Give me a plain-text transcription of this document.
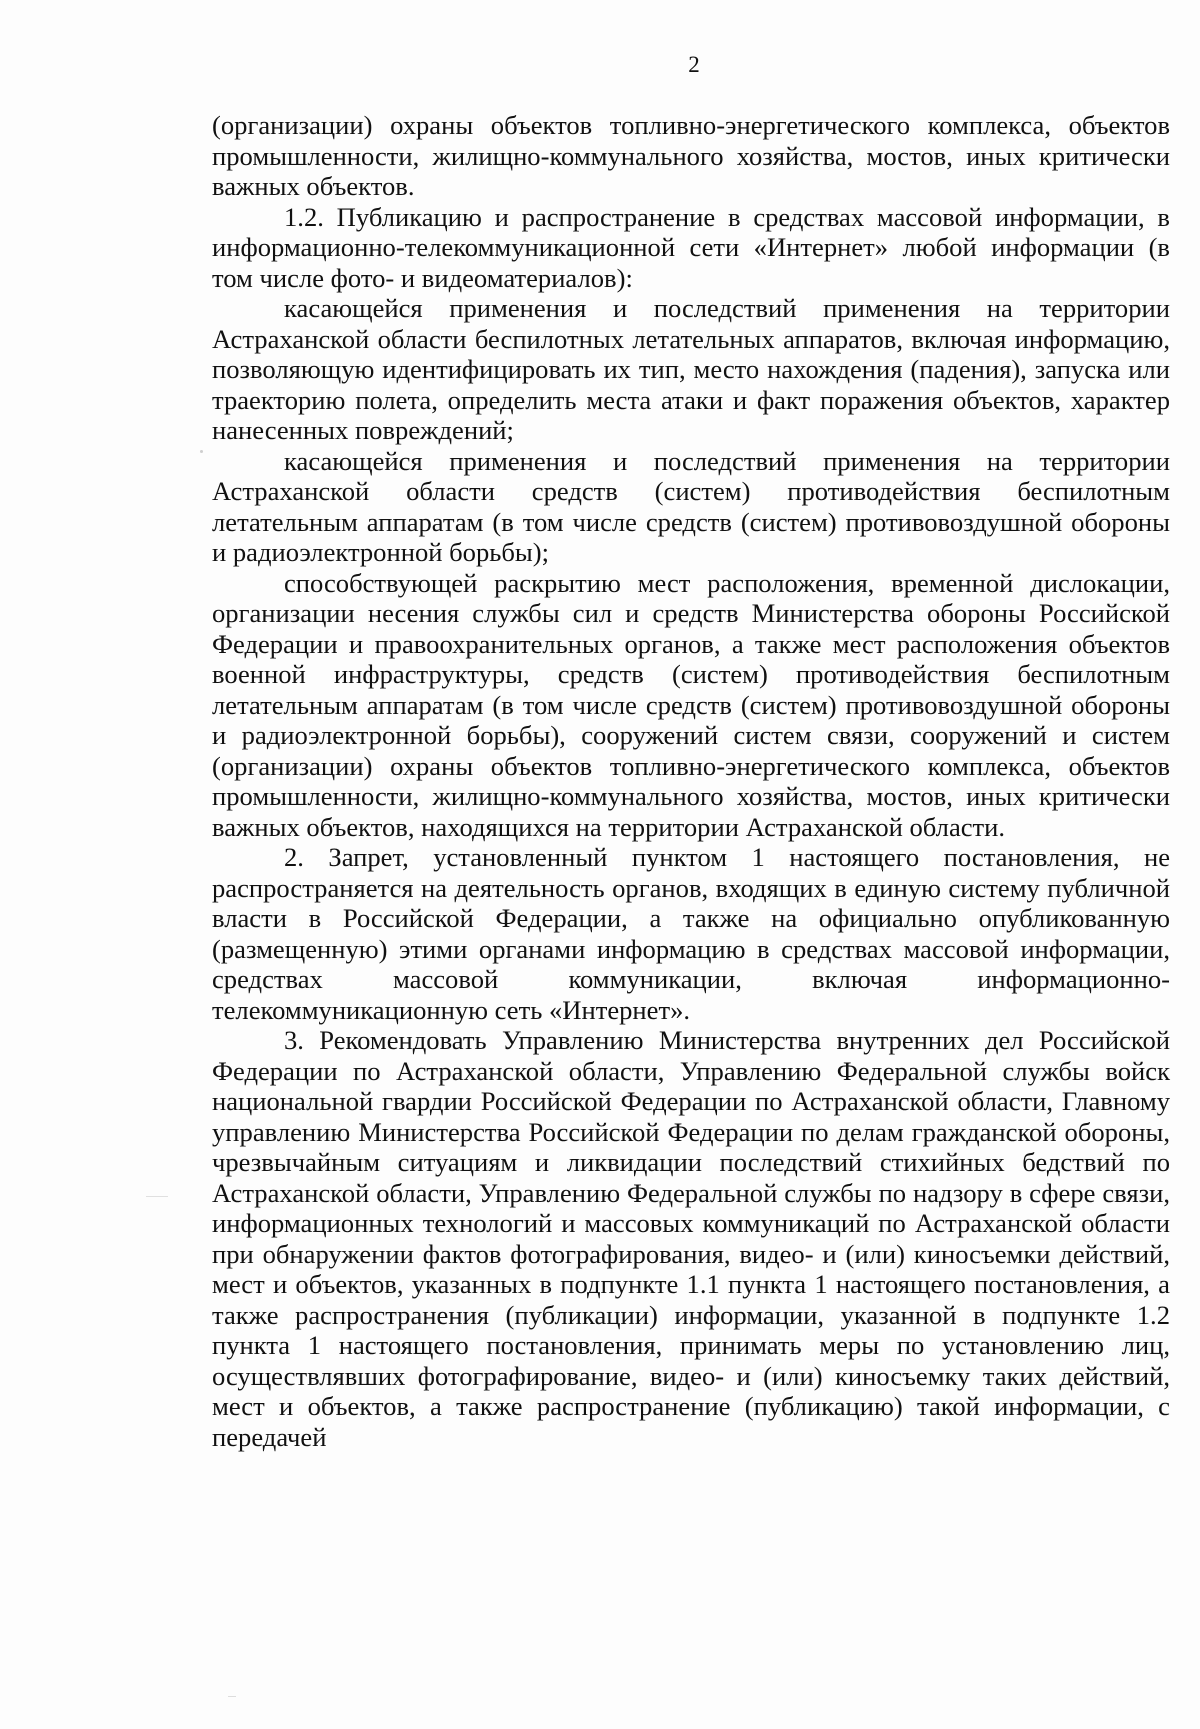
2

(организации) охраны объектов топливно-энергетического комплекса, объектов промышленности, жилищно-коммунального хозяйства, мостов, иных критически важных объектов.

1.2. Публикацию и распространение в средствах массовой информации, в информационно-телекоммуникационной сети «Интернет» любой информации (в том числе фото- и видеоматериалов):

касающейся применения и последствий применения на территории Астраханской области беспилотных летательных аппаратов, включая информацию, позволяющую идентифицировать их тип, место нахождения (падения), запуска или траекторию полета, определить места атаки и факт поражения объектов, характер нанесенных повреждений;

касающейся применения и последствий применения на территории Астраханской области средств (систем) противодействия беспилотным летательным аппаратам (в том числе средств (систем) противовоздушной обороны и радиоэлектронной борьбы);

способствующей раскрытию мест расположения, временной дислокации, организации несения службы сил и средств Министерства обороны Российской Федерации и правоохранительных органов, а также мест расположения объектов военной инфраструктуры, средств (систем) противодействия беспилотным летательным аппаратам (в том числе средств (систем) противовоздушной обороны и радиоэлектронной борьбы), сооружений систем связи, сооружений и систем (организации) охраны объектов топливно-энергетического комплекса, объектов промышленности, жилищно-коммунального хозяйства, мостов, иных критически важных объектов, находящихся на территории Астраханской области.

2. Запрет, установленный пунктом 1 настоящего постановления, не распространяется на деятельность органов, входящих в единую систему публичной власти в Российской Федерации, а также на официально опубликованную (размещенную) этими органами информацию в средствах массовой информации, средствах массовой коммуникации, включая информационно-телекоммуникационную сеть «Интернет».

3. Рекомендовать Управлению Министерства внутренних дел Российской Федерации по Астраханской области, Управлению Федеральной службы войск национальной гвардии Российской Федерации по Астраханской области, Главному управлению Министерства Российской Федерации по делам гражданской обороны, чрезвычайным ситуациям и ликвидации последствий стихийных бедствий по Астраханской области, Управлению Федеральной службы по надзору в сфере связи, информационных технологий и массовых коммуникаций по Астраханской области при обнаружении фактов фотографирования, видео- и (или) киносъемки действий, мест и объектов, указанных в подпункте 1.1 пункта 1 настоящего постановления, а также распространения (публикации) информации, указанной в подпункте 1.2 пункта 1 настоящего постановления, принимать меры по установлению лиц, осуществлявших фотографирование, видео- и (или) киносъемку таких действий, мест и объектов, а также распространение (публикацию) такой информации, с передачей
